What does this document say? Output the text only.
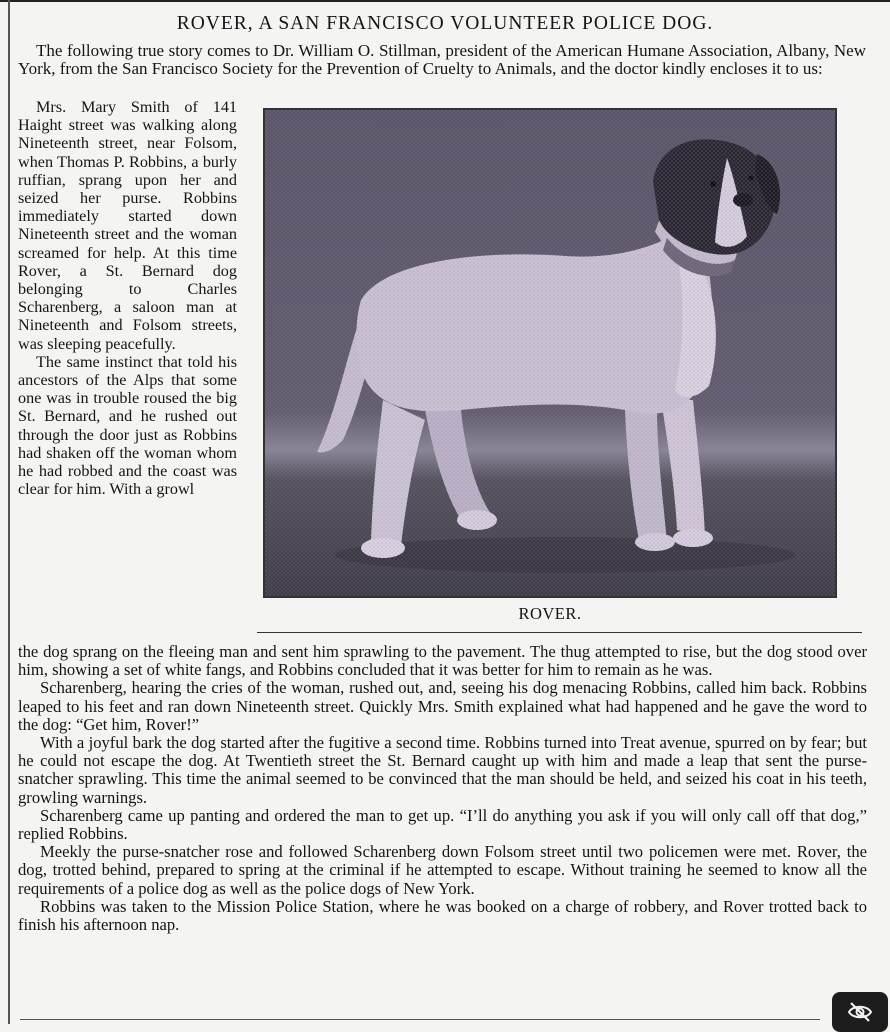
ROVER, A SAN FRANCISCO VOLUNTEER POLICE DOG.
The following true story comes to Dr. William O. Stillman, president of the American Humane Association, Albany, New York, from the San Francisco Society for the Prevention of Cruelty to Animals, and the doctor kindly encloses it to us:

Mrs. Mary Smith of 141 Haight street was walking along Nineteenth street, near Folsom, when Thomas P. Robbins, a burly ruffian, sprang upon her and seized her purse. Robbins immediately started down Nineteenth street and the woman screamed for help. At this time Rover, a St. Bernard dog belonging to Charles Scharenberg, a saloon man at Nineteenth and Folsom streets, was sleeping peacefully.

The same instinct that told his ancestors of the Alps that some one was in trouble roused the big St. Bernard, and he rushed out through the door just as Robbins had shaken off the woman whom he had robbed and the coast was clear for him. With a growl

ROVER.

the dog sprang on the fleeing man and sent him sprawling to the pavement. The thug attempted to rise, but the dog stood over him, showing a set of white fangs, and Robbins concluded that it was better for him to remain as he was.

Scharenberg, hearing the cries of the woman, rushed out, and, seeing his dog menacing Robbins, called him back. Robbins leaped to his feet and ran down Nineteenth street. Quickly Mrs. Smith explained what had happened and he gave the word to the dog: “Get him, Rover!”

With a joyful bark the dog started after the fugitive a second time. Robbins turned into Treat avenue, spurred on by fear; but he could not escape the dog. At Twentieth street the St. Bernard caught up with him and made a leap that sent the purse-snatcher sprawling. This time the animal seemed to be convinced that the man should be held, and seized his coat in his teeth, growling warnings.

Scharenberg came up panting and ordered the man to get up. “I’ll do anything you ask if you will only call off that dog,” replied Robbins.

Meekly the purse-snatcher rose and followed Scharenberg down Folsom street until two policemen were met. Rover, the dog, trotted behind, prepared to spring at the criminal if he attempted to escape. Without training he seemed to know all the requirements of a police dog as well as the police dogs of New York.

Robbins was taken to the Mission Police Station, where he was booked on a charge of robbery, and Rover trotted back to finish his afternoon nap.
